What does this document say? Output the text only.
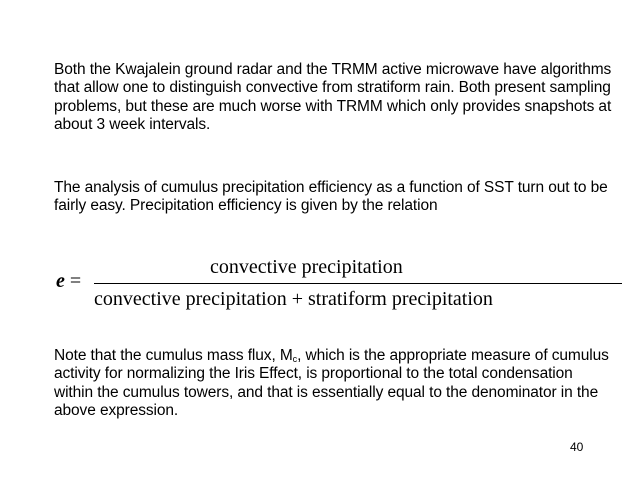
Both the Kwajalein ground radar and the TRMM active microwave have algorithms that allow one to distinguish convective from stratiform rain. Both present sampling problems, but these are much worse with TRMM which only provides snapshots at about 3 week intervals.

The analysis of cumulus precipitation efficiency as a function of SST turn out to be fairly easy. Precipitation efficiency is given by the relation

e =
convective precipitation
convective precipitation + stratiform precipitation

Note that the cumulus mass flux, $M_c$, which is the appropriate measure of cumulus activity for normalizing the Iris Effect, is proportional to the total condensation within the cumulus towers, and that is essentially equal to the denominator in the above expression.

40
